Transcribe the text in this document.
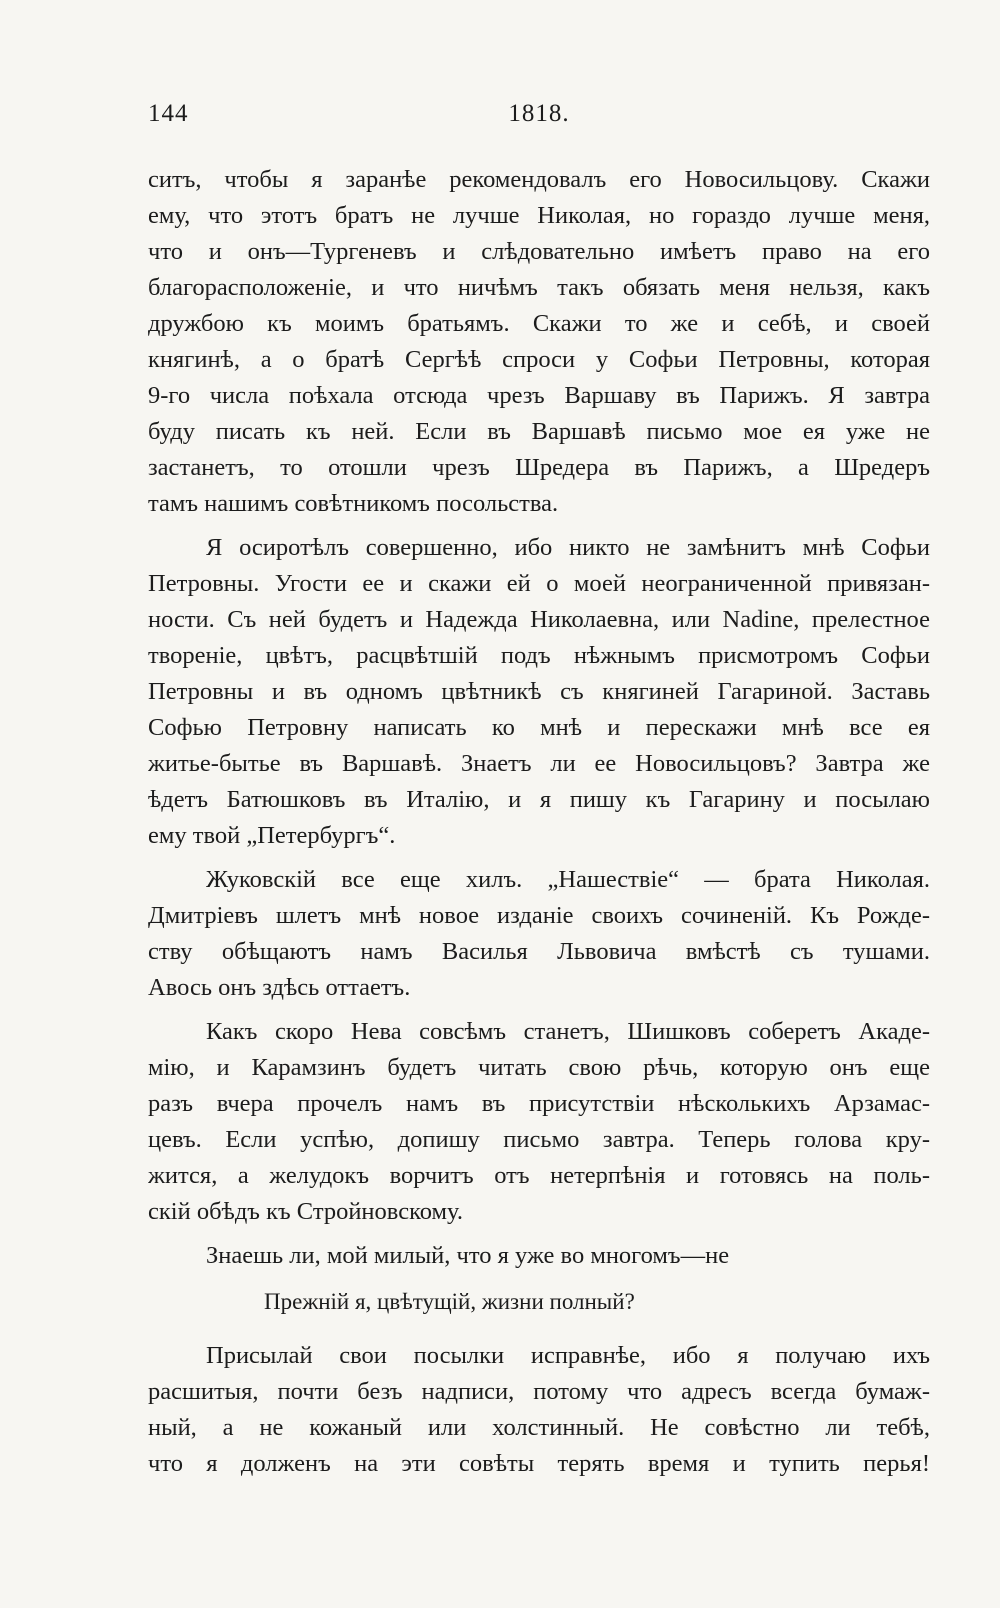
144	1818.
ситъ, чтобы я заранѣе рекомендовалъ его Новосильцову. Скажи
ему, что этотъ братъ не лучше Николая, но гораздо лучше меня,
что и онъ—Тургеневъ и слѣдовательно имѣетъ право на его
благорасположеніе, и что ничѣмъ такъ обязать меня нельзя, какъ
дружбою къ моимъ братьямъ. Скажи то же и себѣ, и своей
княгинѣ, а о братѣ Сергѣѣ спроси у Софьи Петровны, которая
9-го числа поѣхала отсюда чрезъ Варшаву въ Парижъ. Я завтра
буду писать къ ней. Если въ Варшавѣ письмо мое ея уже не
застанетъ, то отошли чрезъ Шредера въ Парижъ, а Шредеръ
тамъ нашимъ совѣтникомъ посольства.
Я осиротѣлъ совершенно, ибо никто не замѣнитъ мнѣ Софьи
Петровны. Угости ее и скажи ей о моей неограниченной привязан-
ности. Съ ней будетъ и Надежда Николаевна, или Nadine, прелестное
твореніе, цвѣтъ, расцвѣтшій подъ нѣжнымъ присмотромъ Софьи
Петровны и въ одномъ цвѣтникѣ съ княгиней Гагариной. Заставь
Софью Петровну написать ко мнѣ и перескажи мнѣ все ея
житье-бытье въ Варшавѣ. Знаетъ ли ее Новосильцовъ? Завтра же
ѣдетъ Батюшковъ въ Италію, и я пишу къ Гагарину и посылаю
ему твой „Петербургъ“.
Жуковскій все еще хилъ. „Нашествіе“ — брата Николая.
Дмитріевъ шлетъ мнѣ новое изданіе своихъ сочиненій. Къ Рожде-
ству обѣщаютъ намъ Василья Львовича вмѣстѣ съ тушами.
Авось онъ здѣсь оттаетъ.
Какъ скоро Нева совсѣмъ станетъ, Шишковъ соберетъ Акаде-
мію, и Карамзинъ будетъ читать свою рѣчь, которую онъ еще
разъ вчера прочелъ намъ въ присутствіи нѣсколькихъ Арзамас-
цевъ. Если успѣю, допишу письмо завтра. Теперь голова кру-
жится, а желудокъ ворчитъ отъ нетерпѣнія и готовясь на поль-
скій обѣдъ къ Стройновскому.
Знаешь ли, мой милый, что я уже во многомъ—не
Прежній я, цвѣтущій, жизни полный?
Присылай свои посылки исправнѣе, ибо я получаю ихъ
расшитыя, почти безъ надписи, потому что адресъ всегда бумаж-
ный, а не кожаный или холстинный. Не совѣстно ли тебѣ,
что я долженъ на эти совѣты терять время и тупить перья!
